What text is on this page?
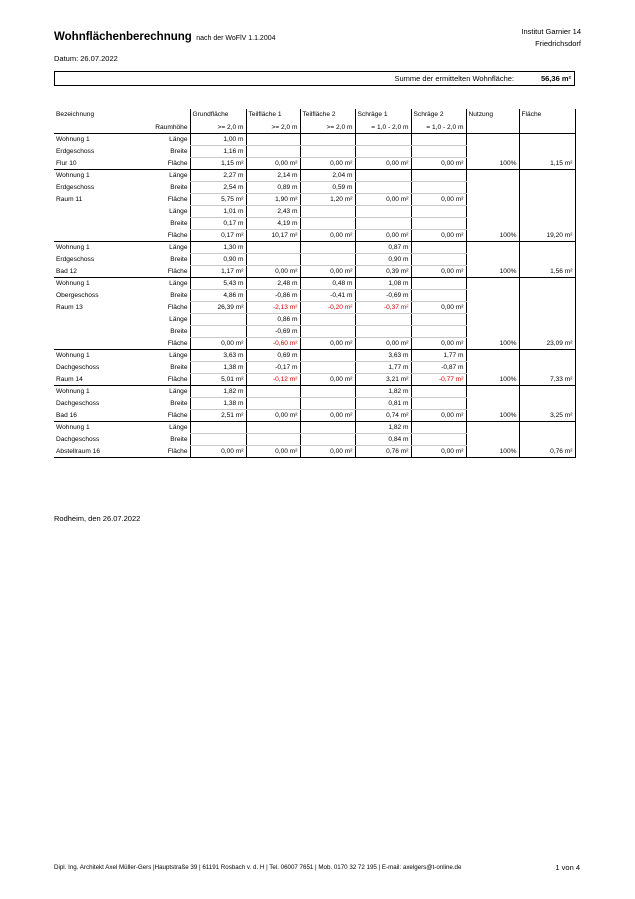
Wohnflächenberechnung nach der WoFlV 1.1.2004
Institut Garnier 14
Friedrichsdorf
Datum: 26.07.2022
Summe der ermittelten Wohnfläche:	56,36 m²
Bezeichnung		Grundfläche	Teilfläche 1	Teilfläche 2	Schräge 1	Schräge 2	Nutzung	Fläche
	Raumhöhe	>= 2,0 m	>= 2,0 m	>= 2,0 m	= 1,0 - 2,0 m	= 1,0 - 2,0 m		
Wohnung 1	Länge	1,00 m						
Erdgeschoss	Breite	1,16 m						
Flur 10	Fläche	1,15 m²	0,00 m²	0,00 m²	0,00 m²	0,00 m²	100%	1,15 m²
Wohnung 1	Länge	2,27 m	2,14 m	2,04 m				
Erdgeschoss	Breite	2,54 m	0,89 m	0,59 m				
Raum 11	Fläche	5,75 m²	1,90 m²	1,20 m²	0,00 m²	0,00 m²		
	Länge	1,01 m	2,43 m					
	Breite	0,17 m	4,19 m					
	Fläche	0,17 m²	10,17 m²	0,00 m²	0,00 m²	0,00 m²	100%	19,20 m²
Wohnung 1	Länge	1,30 m			0,87 m			
Erdgeschoss	Breite	0,90 m			0,90 m			
Bad 12	Fläche	1,17 m²	0,00 m²	0,00 m²	0,39 m²	0,00 m²	100%	1,56 m²
Wohnung 1	Länge	5,43 m	2,48 m	0,48 m	1,08 m			
Obergeschoss	Breite	4,86 m	-0,86 m	-0,41 m	-0,69 m			
Raum 13	Fläche	26,39 m²	-2,13 m²	-0,20 m²	-0,37 m²	0,00 m²		
	Länge		0,86 m					
	Breite		-0,69 m					
	Fläche	0,00 m²	-0,60 m²	0,00 m²	0,00 m²	0,00 m²	100%	23,09 m²
Wohnung 1	Länge	3,63 m	0,69 m		3,63 m	1,77 m		
Dachgeschoss	Breite	1,38 m	-0,17 m		1,77 m	-0,87 m		
Raum 14	Fläche	5,01 m²	-0,12 m²	0,00 m²	3,21 m²	-0,77 m²	100%	7,33 m²
Wohnung 1	Länge	1,82 m			1,82 m			
Dachgeschoss	Breite	1,38 m			0,81 m			
Bad 16	Fläche	2,51 m²	0,00 m²	0,00 m²	0,74 m²	0,00 m²	100%	3,25 m²
Wohnung 1	Länge				1,82 m			
Dachgeschoss	Breite				0,84 m			
Abstellraum 16	Fläche	0,00 m²	0,00 m²	0,00 m²	0,76 m²	0,00 m²	100%	0,76 m²
Rodheim, den 26.07.2022
Dipl. Ing. Architekt Axel Müller-Gers |Hauptstraße 39 | 61191 Rosbach v. d. H | Tel. 06007 7651 | Mob. 0170 32 72 195 | E-mail: axelgers@t-online.de	1 von 4
